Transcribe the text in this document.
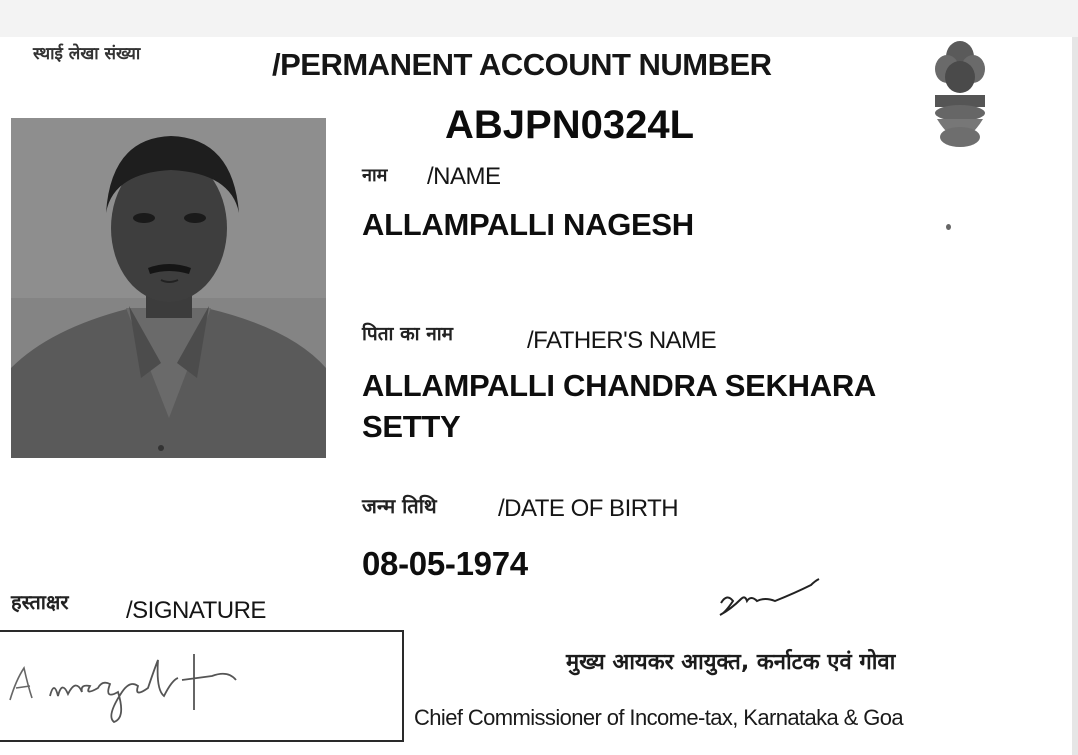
स्थाई लेखा संख्या	/PERMANENT ACCOUNT NUMBER
ABJPN0324L
नाम /NAME
ALLAMPALLI NAGESH
पिता का नाम	/FATHER'S NAME
ALLAMPALLI CHANDRA SEKHARA
SETTY
जन्म तिथि	/DATE OF BIRTH
08-05-1974
हस्ताक्षर /SIGNATURE
मुख्य आयकर आयुक्त, कर्नाटक एवं गोवा
Chief Commissioner of Income-tax, Karnataka & Goa
